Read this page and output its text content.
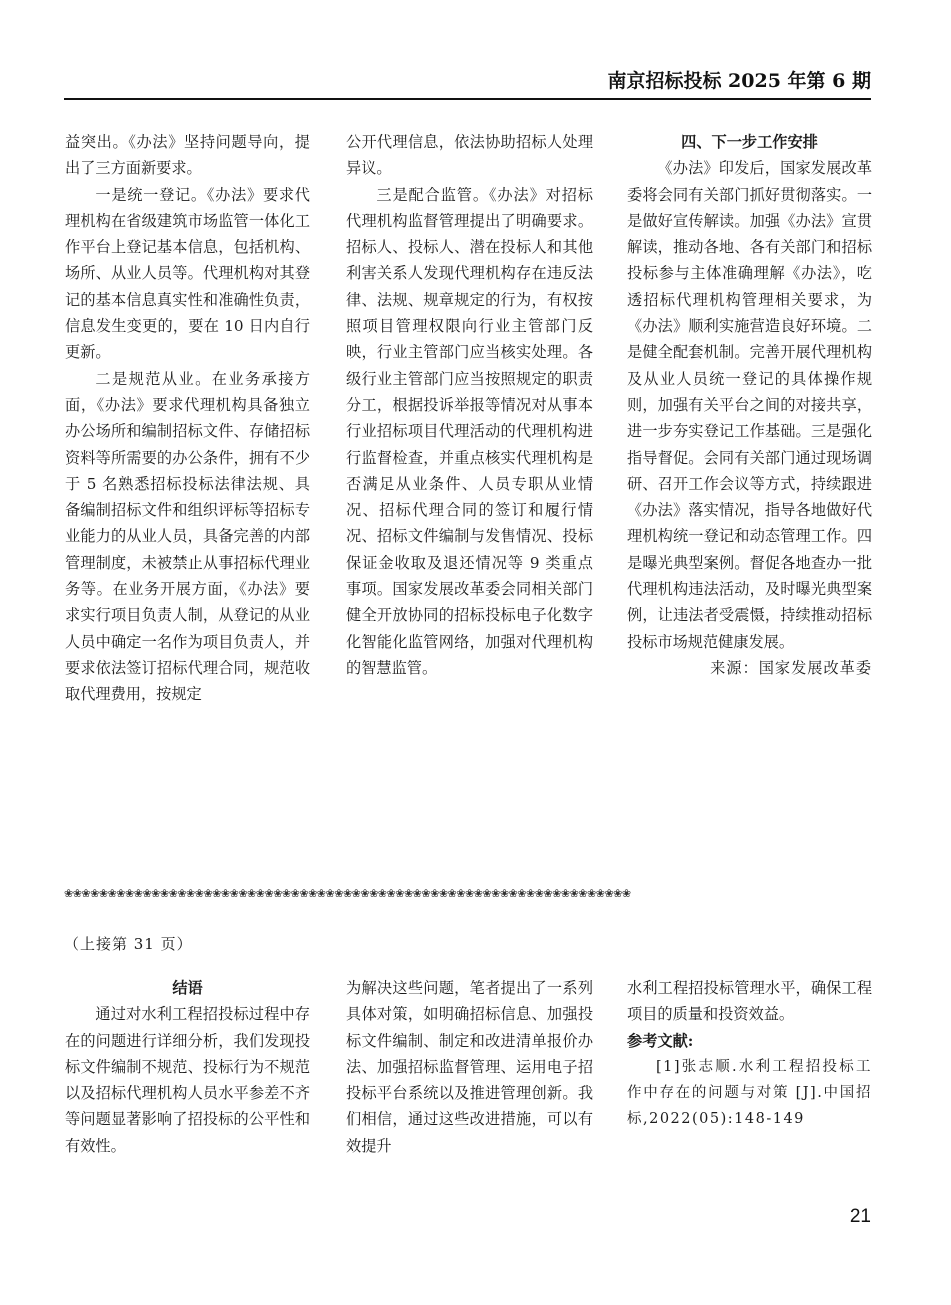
南京招标投标 2025 年第 6 期

益突出。《办法》坚持问题导向，提出了三方面新要求。

一是统一登记。《办法》要求代理机构在省级建筑市场监管一体化工作平台上登记基本信息，包括机构、场所、从业人员等。代理机构对其登记的基本信息真实性和准确性负责，信息发生变更的，要在 10 日内自行更新。

二是规范从业。在业务承接方面，《办法》要求代理机构具备独立办公场所和编制招标文件、存储招标资料等所需要的办公条件，拥有不少于 5 名熟悉招标投标法律法规、具备编制招标文件和组织评标等招标专业能力的从业人员，具备完善的内部管理制度，未被禁止从事招标代理业务等。在业务开展方面，《办法》要求实行项目负责人制，从登记的从业人员中确定一名作为项目负责人，并要求依法签订招标代理合同，规范收取代理费用，按规定

公开代理信息，依法协助招标人处理异议。

三是配合监管。《办法》对招标代理机构监督管理提出了明确要求。招标人、投标人、潜在投标人和其他利害关系人发现代理机构存在违反法律、法规、规章规定的行为，有权按照项目管理权限向行业主管部门反映，行业主管部门应当核实处理。各级行业主管部门应当按照规定的职责分工，根据投诉举报等情况对从事本行业招标项目代理活动的代理机构进行监督检查，并重点核实代理机构是否满足从业条件、人员专职从业情况、招标代理合同的签订和履行情况、招标文件编制与发售情况、投标保证金收取及退还情况等 9 类重点事项。国家发展改革委会同相关部门健全开放协同的招标投标电子化数字化智能化监管网络，加强对代理机构的智慧监管。

四、下一步工作安排

《办法》印发后，国家发展改革委将会同有关部门抓好贯彻落实。一是做好宣传解读。加强《办法》宣贯解读，推动各地、各有关部门和招标投标参与主体准确理解《办法》，吃透招标代理机构管理相关要求，为《办法》顺利实施营造良好环境。二是健全配套机制。完善开展代理机构及从业人员统一登记的具体操作规则，加强有关平台之间的对接共享，进一步夯实登记工作基础。三是强化指导督促。会同有关部门通过现场调研、召开工作会议等方式，持续跟进《办法》落实情况，指导各地做好代理机构统一登记和动态管理工作。四是曝光典型案例。督促各地查办一批代理机构违法活动，及时曝光典型案例，让违法者受震慑，持续推动招标投标市场规范健康发展。

来源：国家发展改革委

❀❀❀❀❀❀❀❀❀❀❀❀❀❀❀❀❀❀❀❀❀❀❀❀❀❀❀❀❀❀❀❀❀❀❀❀❀❀❀❀❀❀❀❀❀❀❀❀❀❀❀❀❀❀❀❀❀❀❀❀❀❀❀❀❀
（上接第 31 页）

结语

通过对水利工程招投标过程中存在的问题进行详细分析，我们发现投标文件编制不规范、投标行为不规范以及招标代理机构人员水平参差不齐等问题显著影响了招投标的公平性和有效性。

为解决这些问题，笔者提出了一系列具体对策，如明确招标信息、加强投标文件编制、制定和改进清单报价办法、加强招标监督管理、运用电子招投标平台系统以及推进管理创新。我们相信，通过这些改进措施，可以有效提升

水利工程招投标管理水平，确保工程项目的质量和投资效益。

参考文献:

[1]张志顺.水利工程招投标工作中存在的问题与对策 [J].中国招标,2022(05):148-149

21
